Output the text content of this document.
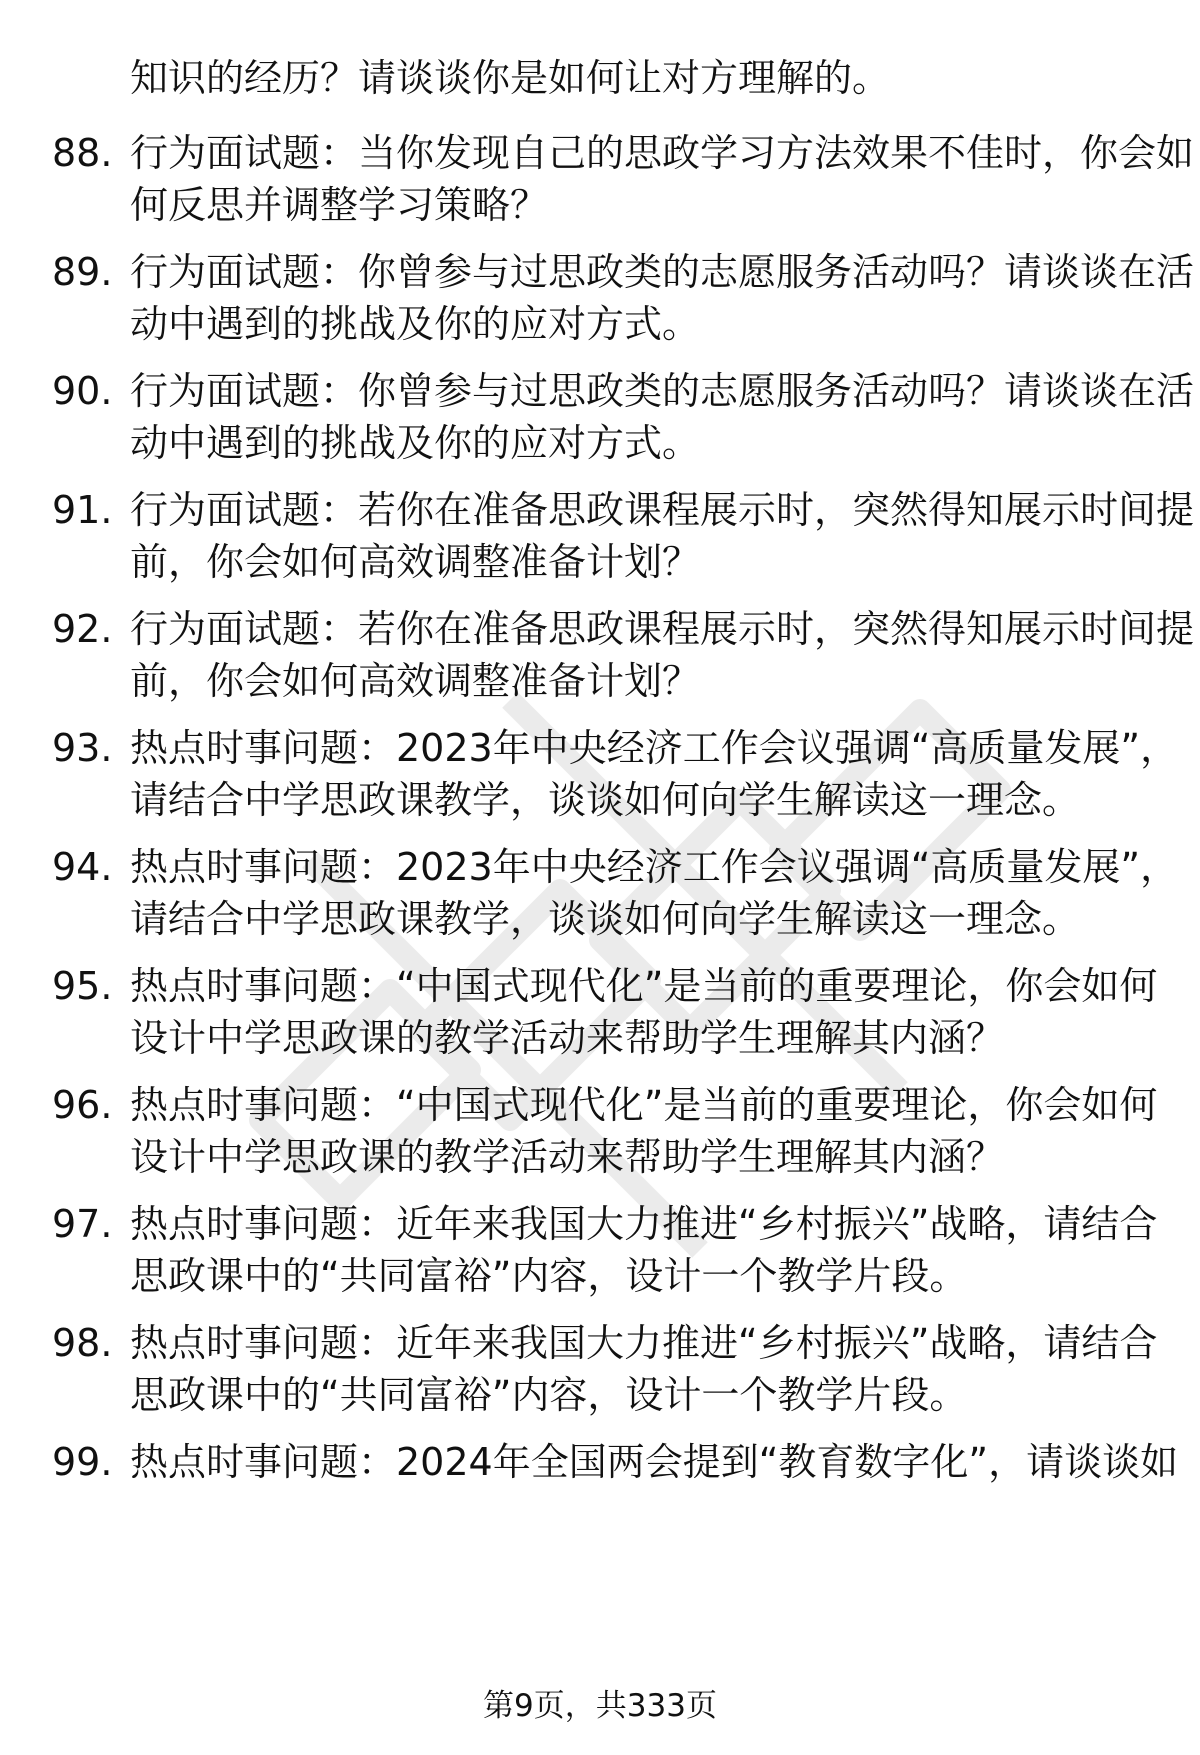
知识的经历？请谈谈你是如何让对方理解的。
88. 行为面试题：当你发现自己的思政学习方法效果不佳时，你会如
何反思并调整学习策略？
89. 行为面试题：你曾参与过思政类的志愿服务活动吗？请谈谈在活
动中遇到的挑战及你的应对方式。
90. 行为面试题：你曾参与过思政类的志愿服务活动吗？请谈谈在活
动中遇到的挑战及你的应对方式。
91. 行为面试题：若你在准备思政课程展示时，突然得知展示时间提
前，你会如何高效调整准备计划？
92. 行为面试题：若你在准备思政课程展示时，突然得知展示时间提
前，你会如何高效调整准备计划？
93. 热点时事问题：2023年中央经济工作会议强调“高质量发展”，
请结合中学思政课教学，谈谈如何向学生解读这一理念。
94. 热点时事问题：2023年中央经济工作会议强调“高质量发展”，
请结合中学思政课教学，谈谈如何向学生解读这一理念。
95. 热点时事问题：“中国式现代化”是当前的重要理论，你会如何
设计中学思政课的教学活动来帮助学生理解其内涵？
96. 热点时事问题：“中国式现代化”是当前的重要理论，你会如何
设计中学思政课的教学活动来帮助学生理解其内涵？
97. 热点时事问题：近年来我国大力推进“乡村振兴”战略，请结合
思政课中的“共同富裕”内容，设计一个教学片段。
98. 热点时事问题：近年来我国大力推进“乡村振兴”战略，请结合
思政课中的“共同富裕”内容，设计一个教学片段。
99. 热点时事问题：2024年全国两会提到“教育数字化”，请谈谈如
第9页，共333页
